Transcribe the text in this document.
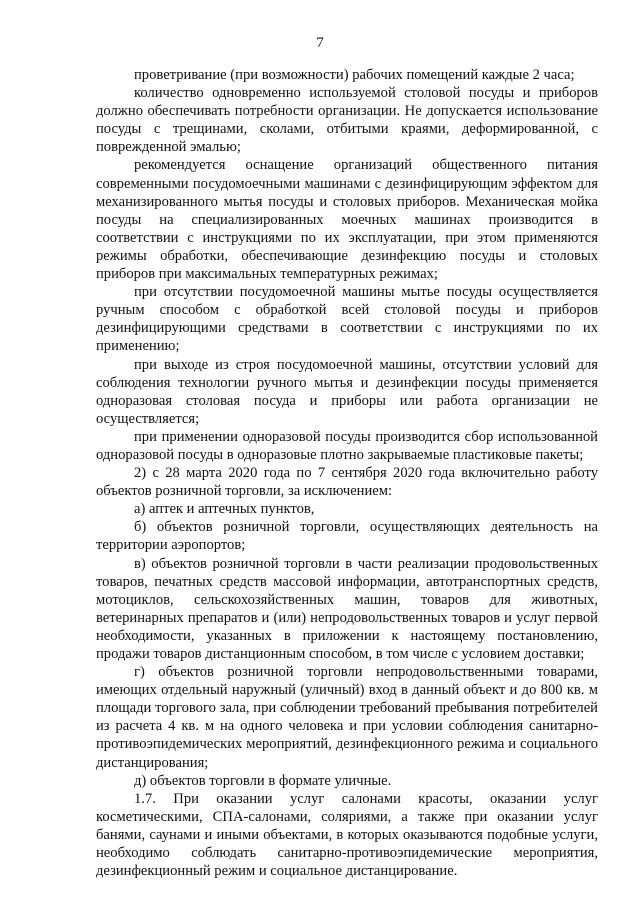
7

проветривание (при возможности) рабочих помещений каждые 2 часа;

количество одновременно используемой столовой посуды и приборов должно обеспечивать потребности организации. Не допускается использование посуды с трещинами, сколами, отбитыми краями, деформированной, с поврежденной эмалью;

рекомендуется оснащение организаций общественного питания современными посудомоечными машинами с дезинфицирующим эффектом для механизированного мытья посуды и столовых приборов. Механическая мойка посуды на специализированных моечных машинах производится в соответствии с инструкциями по их эксплуатации, при этом применяются режимы обработки, обеспечивающие дезинфекцию посуды и столовых приборов при максимальных температурных режимах;

при отсутствии посудомоечной машины мытье посуды осуществляется ручным способом с обработкой всей столовой посуды и приборов дезинфицирующими средствами в соответствии с инструкциями по их применению;

при выходе из строя посудомоечной машины, отсутствии условий для соблюдения технологии ручного мытья и дезинфекции посуды применяется одноразовая столовая посуда и приборы или работа организации не осуществляется;

при применении одноразовой посуды производится сбор использованной одноразовой посуды в одноразовые плотно закрываемые пластиковые пакеты;

2) с 28 марта 2020 года по 7 сентября 2020 года включительно работу объектов розничной торговли, за исключением:

а) аптек и аптечных пунктов,

б) объектов розничной торговли, осуществляющих деятельность на территории аэропортов;

в) объектов розничной торговли в части реализации продовольственных товаров, печатных средств массовой информации, автотранспортных средств, мотоциклов, сельскохозяйственных машин, товаров для животных, ветеринарных препаратов и (или) непродовольственных товаров и услуг первой необходимости, указанных в приложении к настоящему постановлению, продажи товаров дистанционным способом, в том числе с условием доставки;

г) объектов розничной торговли непродовольственными товарами, имеющих отдельный наружный (уличный) вход в данный объект и до 800 кв. м площади торгового зала, при соблюдении требований пребывания потребителей из расчета 4 кв. м на одного человека и при условии соблюдения санитарно-противоэпидемических мероприятий, дезинфекционного режима и социального дистанцирования;

д) объектов торговли в формате уличные.

1.7. При оказании услуг салонами красоты, оказании услуг косметическими, СПА-салонами, соляриями, а также при оказании услуг банями, саунами и иными объектами, в которых оказываются подобные услуги, необходимо соблюдать санитарно-противоэпидемические мероприятия, дезинфекционный режим и социальное дистанцирование.
